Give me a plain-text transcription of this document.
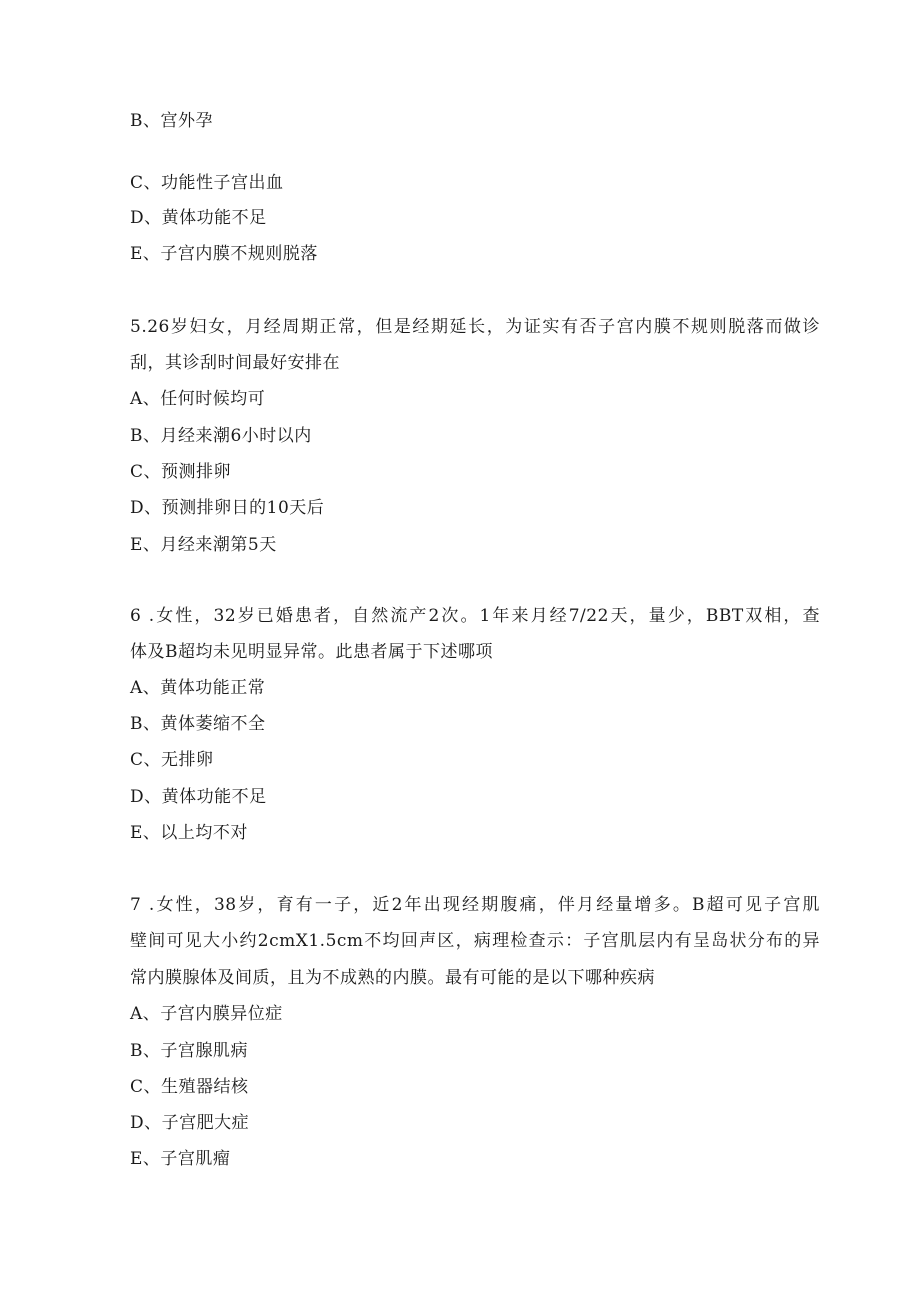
B、宫外孕
C、功能性子宫出血
D、黄体功能不足
E、子宫内膜不规则脱落
5.26岁妇女，月经周期正常，但是经期延长，为证实有否子宫内膜不规则脱落而做诊
刮，其诊刮时间最好安排在
A、任何时候均可
B、月经来潮6小时以内
C、预测排卵
D、预测排卵日的10天后
E、月经来潮第5天
6 .女性，32岁已婚患者，自然流产2次。1年来月经7/22天，量少，BBT双相，查
体及B超均未见明显异常。此患者属于下述哪项
A、黄体功能正常
B、黄体萎缩不全
C、无排卵
D、黄体功能不足
E、以上均不对
7 .女性，38岁，育有一子，近2年出现经期腹痛，伴月经量增多。B超可见子宫肌
壁间可见大小约2cmX1.5cm不均回声区，病理检查示：子宫肌层内有呈岛状分布的异
常内膜腺体及间质，且为不成熟的内膜。最有可能的是以下哪种疾病
A、子宫内膜异位症
B、子宫腺肌病
C、生殖器结核
D、子宫肥大症
E、子宫肌瘤
